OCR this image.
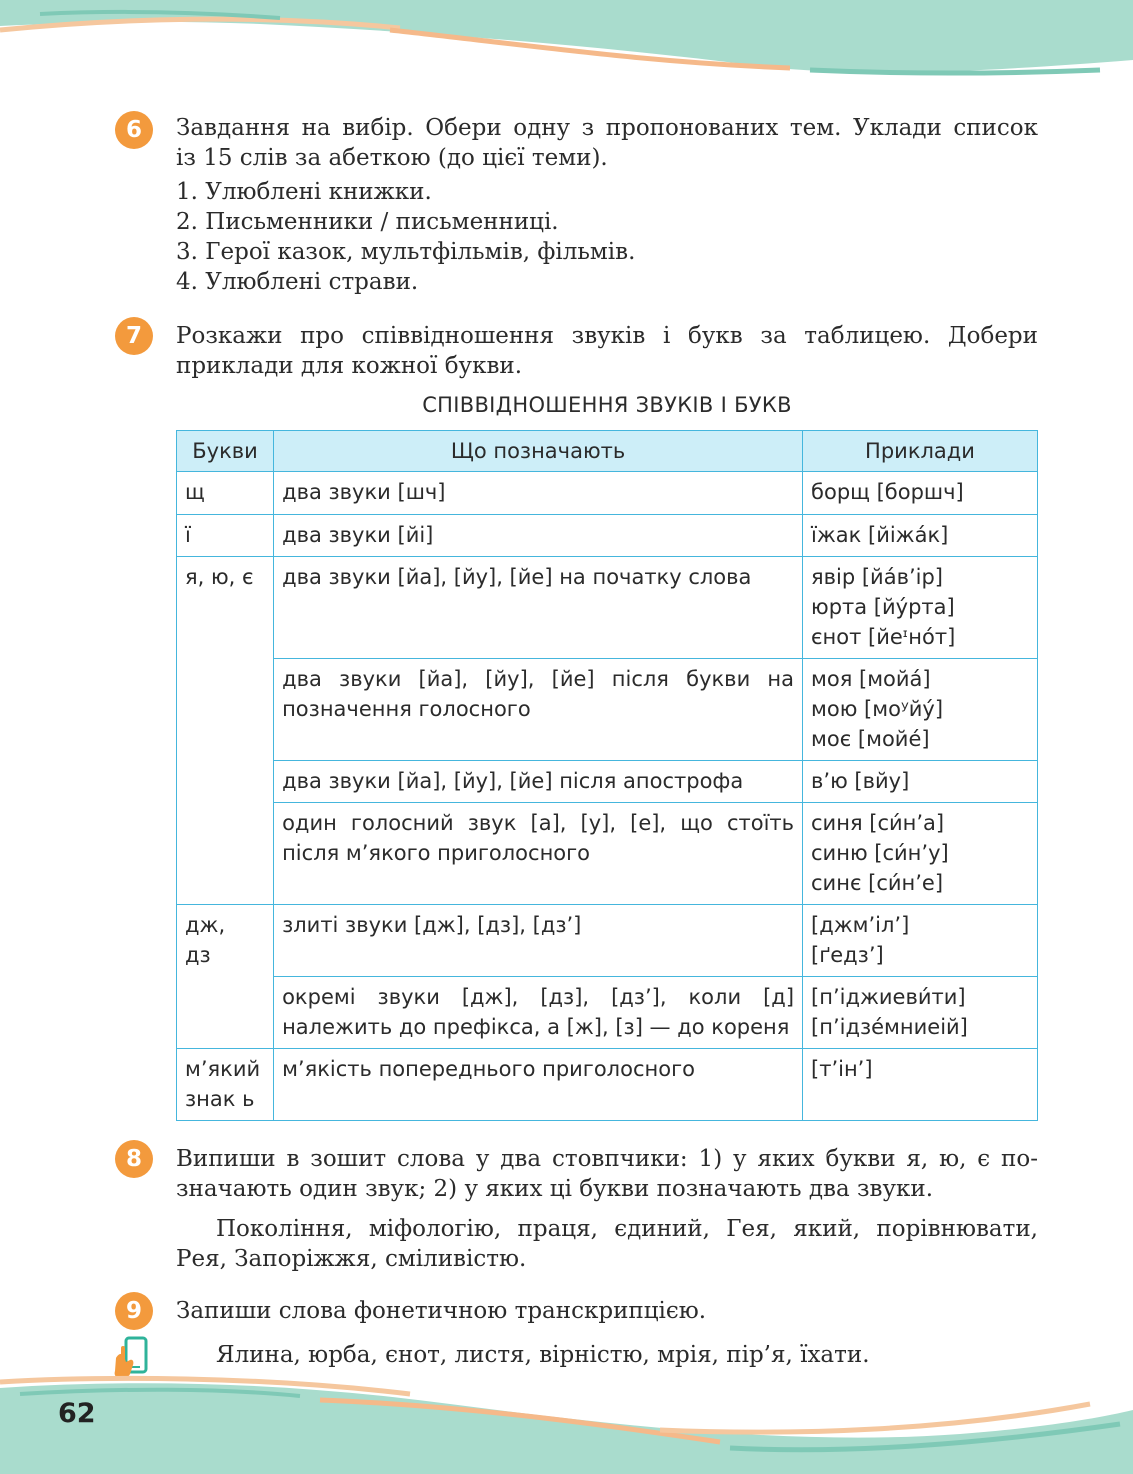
6	Завдання на вибір. Обери одну з пропонованих тем. Уклади список
із 15 слів за абеткою (до цієї теми).
1. Улюблені книжки.
2. Письменники / письменниці.
3. Герої казок, мультфільмів, фільмів.
4. Улюблені страви.
7	Розкажи про співвідношення звуків і букв за таблицею. Добери
приклади для кожної букви.
СПІВВІДНОШЕННЯ ЗВУКІВ І БУКВ
Букви	Що позначають	Приклади
щ	два звуки [шч]	борщ [боршч]

ї	два звуки [йі]	їжак [йіжа́к]

я, ю, є	два звуки [йа], [йу], [йе] на початку слова	явір [йа́в’ір]
юрта [йу́рта]
єнот [йеᶦно́т]

	два звуки [йа], [йу], [йе] після букви на позначення голосного	моя [мойа́]
мою [моʸйу́]
моє [мойе́]

	два звуки [йа], [йу], [йе] після апострофа	в’ю [вйу]

	один голосний звук [а], [у], [е], що стоїть після м’якого приголосного	синя [си́н’а]
синю [си́н’у]
синє [си́н’е]

дж,
дз	злиті звуки [дж], [дз], [дз’]	[джм’іл’]
[ґедз’]

	окремі звуки [дж], [дз], [дз’], коли [д] належить до префікса, а [ж], [з] — до кореня	[п’іджиеви́ти]
[п’ідзе́мниеій]

м’який знак ь	м’якість попереднього приголосного	[т’ін’]
8	Випиши в зошит слова у два стовпчики: 1) у яких букви я, ю, є по-
значають один звук; 2) у яких ці букви позначають два звуки.
Покоління, міфологію, праця, єдиний, Гея, який, порівнювати,
Рея, Запоріжжя, сміливістю.
9	Запиши слова фонетичною транскрипцією.
Ялина, юрба, єнот, листя, вірністю, мрія, пір’я, їхати.
62
